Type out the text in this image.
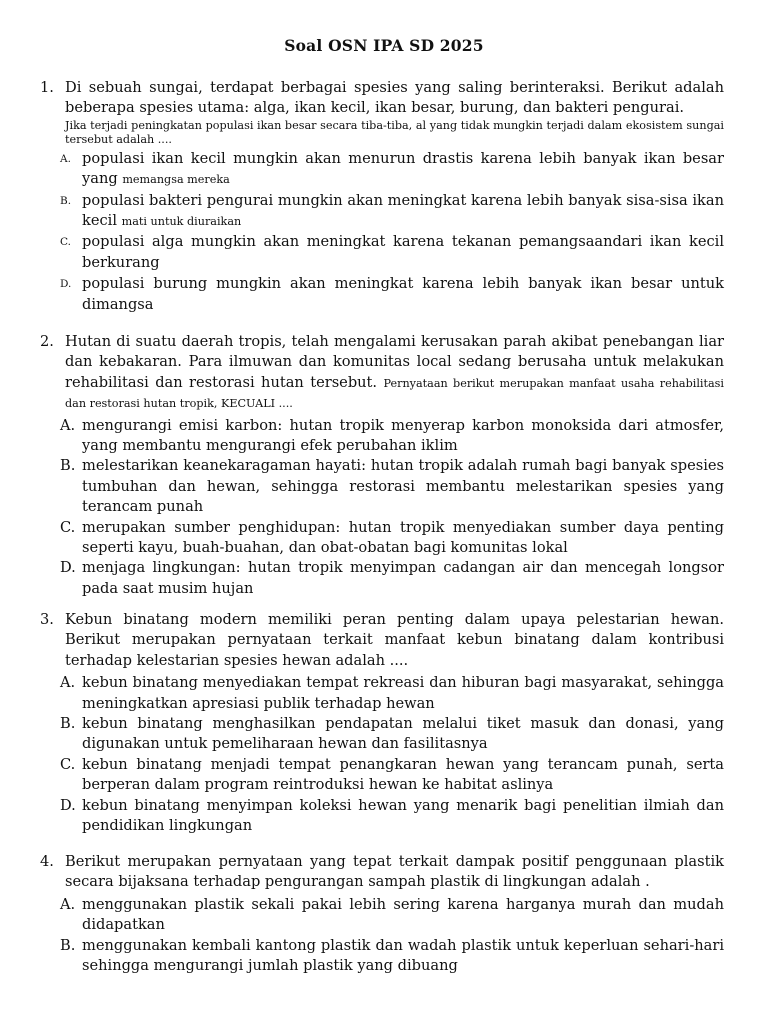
Soal OSN IPA SD 2025
1. Di sebuah sungai, terdapat berbagai spesies yang saling berinteraksi. Berikut adalah beberapa spesies utama: alga, ikan kecil, ikan besar, burung, dan bakteri pengurai.
Jika terjadi peningkatan populasi ikan besar secara tiba-tiba, al yang tidak mungkin terjadi dalam ekosistem sungai tersebut adalah ....
A. populasi ikan kecil mungkin akan menurun drastis karena lebih banyak ikan besar yang memangsa mereka
B. populasi bakteri pengurai mungkin akan meningkat karena lebih banyak sisa-sisa ikan kecil mati untuk diuraikan
C. populasi alga mungkin akan meningkat karena tekanan pemangsaandari ikan kecil berkurang
D. populasi burung mungkin akan meningkat karena lebih banyak ikan besar untuk dimangsa
2. Hutan di suatu daerah tropis, telah mengalami kerusakan parah akibat penebangan liar dan kebakaran. Para ilmuwan dan komunitas local sedang berusaha untuk melakukan rehabilitasi dan restorasi hutan tersebut. Pernyataan berikut merupakan manfaat usaha rehabilitasi dan restorasi hutan tropik, KECUALI ....
A. mengurangi emisi karbon: hutan tropik menyerap karbon monoksida dari atmosfer, yang membantu mengurangi efek perubahan iklim
B. melestarikan keanekaragaman hayati: hutan tropik adalah rumah bagi banyak spesies tumbuhan dan hewan, sehingga restorasi membantu melestarikan spesies yang terancam punah
C. merupakan sumber penghidupan: hutan tropik menyediakan sumber daya penting seperti kayu, buah-buahan, dan obat-obatan bagi komunitas lokal
D. menjaga lingkungan: hutan tropik menyimpan cadangan air dan mencegah longsor pada saat musim hujan
3. Kebun binatang modern memiliki peran penting dalam upaya pelestarian hewan. Berikut merupakan pernyataan terkait manfaat kebun binatang dalam kontribusi terhadap kelestarian spesies hewan adalah ....
A. kebun binatang menyediakan tempat rekreasi dan hiburan bagi masyarakat, sehingga meningkatkan apresiasi publik terhadap hewan
B. kebun binatang menghasilkan pendapatan melalui tiket masuk dan donasi, yang digunakan untuk pemeliharaan hewan dan fasilitasnya
C. kebun binatang menjadi tempat penangkaran hewan yang terancam punah, serta berperan dalam program reintroduksi hewan ke habitat aslinya
D. kebun binatang menyimpan koleksi hewan yang menarik bagi penelitian ilmiah dan pendidikan lingkungan
4. Berikut merupakan pernyataan yang tepat terkait dampak positif penggunaan plastik secara bijaksana terhadap pengurangan sampah plastik di lingkungan adalah .
A. menggunakan plastik sekali pakai lebih sering karena harganya murah dan mudah didapatkan
B. menggunakan kembali kantong plastik dan wadah plastik untuk keperluan sehari-hari sehingga mengurangi jumlah plastik yang dibuang
